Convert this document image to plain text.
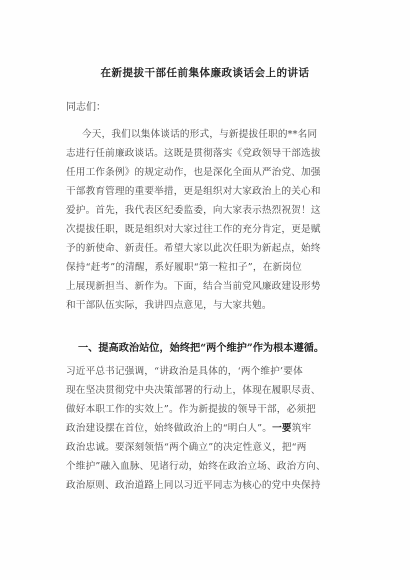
在新提拔干部任前集体廉政谈话会上的讲话
同志们：
今天，我们以集体谈话的形式，与新提拔任职的**名同
志进行任前廉政谈话。这既是贯彻落实《党政领导干部选拔
任用工作条例》的规定动作，也是深化全面从严治党、加强
干部教育管理的重要举措，更是组织对大家政治上的关心和
爱护。首先，我代表区纪委监委，向大家表示热烈祝贺！这
次提拔任职，既是组织对大家过往工作的充分肯定，更是赋
予的新使命、新责任。希望大家以此次任职为新起点，始终
保持“赶考”的清醒，系好履职“第一粒扣子”，在新岗位
上展现新担当、新作为。下面，结合当前党风廉政建设形势
和干部队伍实际，我讲四点意见，与大家共勉。
一、提高政治站位，始终把“两个维护”作为根本遵循。
习近平总书记强调，“讲政治是具体的，‘两个维护’要体
现在坚决贯彻党中央决策部署的行动上，体现在履职尽责、
做好本职工作的实效上”。作为新提拔的领导干部，必须把
政治建设摆在首位，始终做政治上的“明白人”。一要筑牢
政治忠诚。要深刻领悟“两个确立”的决定性意义，把“两
个维护”融入血脉、见诸行动，始终在政治立场、政治方向、
政治原则、政治道路上同以习近平同志为核心的党中央保持
